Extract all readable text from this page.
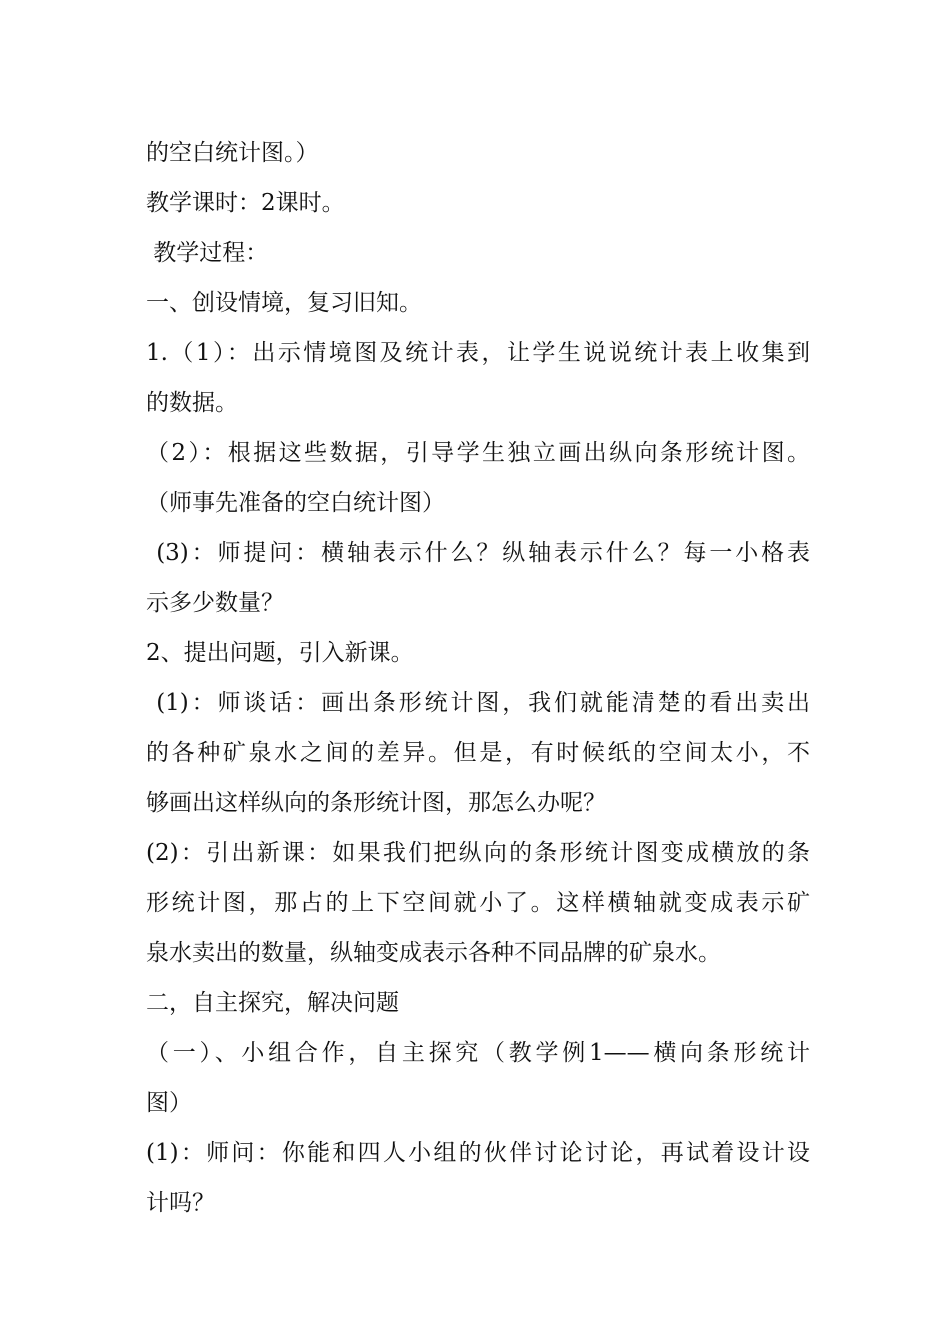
的空白统计图。）
教学课时：2课时。
教学过程：
一、创设情境，复习旧知。
1.（1）：出示情境图及统计表，让学生说说统计表上收集到
的数据。
（2）：根据这些数据，引导学生独立画出纵向条形统计图。
（师事先准备的空白统计图）
(3)：师提问：横轴表示什么？纵轴表示什么？每一小格表
示多少数量？
2、提出问题，引入新课。
(1)：师谈话：画出条形统计图，我们就能清楚的看出卖出
的各种矿泉水之间的差异。但是，有时候纸的空间太小，不
够画出这样纵向的条形统计图，那怎么办呢？
(2)：引出新课：如果我们把纵向的条形统计图变成横放的条
形统计图，那占的上下空间就小了。这样横轴就变成表示矿
泉水卖出的数量，纵轴变成表示各种不同品牌的矿泉水。
二，自主探究，解决问题
（一）、小组合作，自主探究（教学例1——横向条形统计
图）
(1)：师问：你能和四人小组的伙伴讨论讨论，再试着设计设
计吗？
